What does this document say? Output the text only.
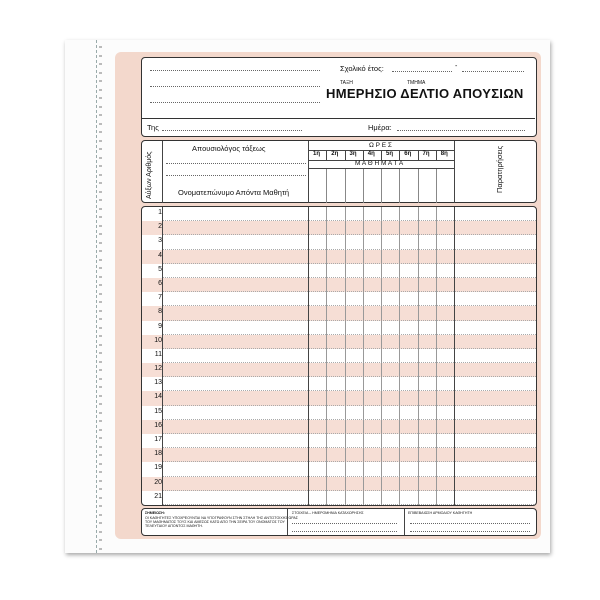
Σχολικό έτος:	-
ΤΑΞΗ	ΤΜΗΜΑ
ΗΜΕΡΗΣΙΟ ΔΕΛΤΙΟ ΑΠΟΥΣΙΩΝ
Της	Ημέρα:
Αύξων Αριθμός
Απουσιολόγος τάξεως
Ονοματεπώνυμο Απόντα Μαθητή
Ω Ρ Ε Σ
1η 2η 3η 4η 5η 6η 7η 8η
Μ Α Θ Η Μ Α Τ Α	Παρατηρήσεις
1
2
3
4
5
6
7
8
9
10
11
12
13
14
15
16
17
18
19
20
21
ΣΗΜΕΙΩΣΗ:
ΟΙ ΚΑΘΗΓΗΤΕΣ ΥΠΟΧΡΕΟΥΝΤΑΙ ΝΑ ΥΠΟΓΡΑΦΟΥΝ ΣΤΗΝ ΣΤΗΛΗ ΤΗΣ ΑΝΤΙΣΤΟΙΧΗΣ ΩΡΑΣ
ΤΟΥ ΜΑΘΗΜΑΤΟΣ ΤΟΥΣ ΚΑΙ ΑΜΕΣΩΣ ΚΑΤΩ ΑΠΟ ΤΗΝ ΣΕΙΡΑ ΤΟΥ ΟΝΟΜΑΤΟΣ ΤΟΥ
ΤΕΛΕΥΤΑΙΟΥ ΑΠΟΝΤΟΣ ΜΑΘΗΤΗ.
ΣΤΟΙΧΕΙΑ – ΗΜΕΡΟΜΗΝΙΑ ΚΑΤΑΧΩΡΗΣΗΣ	ΕΠΙΒΕΒΑΙΩΣΗ ΑΡΜΟΔΙΟΥ ΚΑΘΗΓΗΤΗ
